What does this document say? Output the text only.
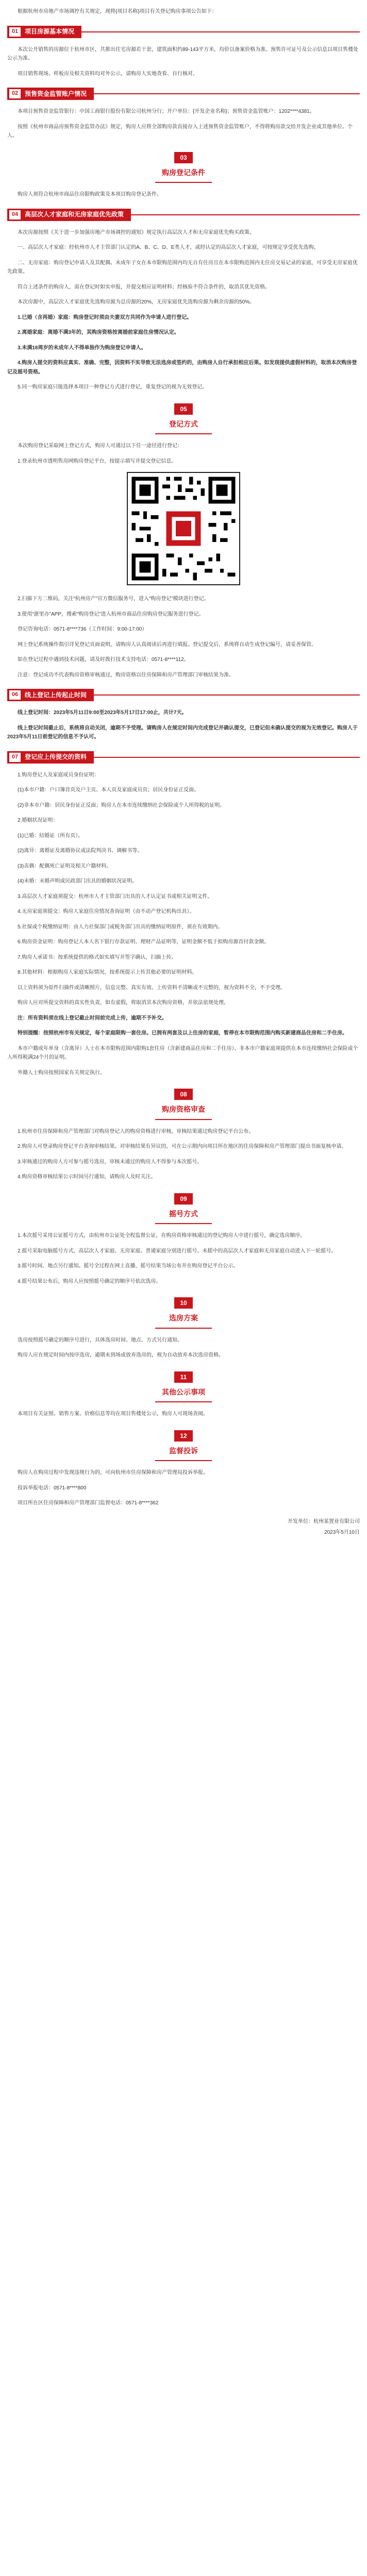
根据杭州市房地产市场调控有关规定，现将{项目名称}项目有关登记购房事项公告如下：

01	项目房源基本情况

本次公开销售的房源位于杭州市区，共推出住宅房源若干套，建筑面积约89-143平方米，均价以备案价格为准。预售许可证号及公示信息以项目售楼处公示为准。

项目销售现场、样板房及相关资料均对外公示，请购房人实地查看、自行核对。

02	预售资金监管账户情况

本项目预售资金监管银行：中国工商银行股份有限公司杭州分行；开户单位：{开发企业名称}；预售资金监管账户：1202****4381。

按照《杭州市商品房预售资金监管办法》规定，购房人应将全部购房款直接存入上述预售资金监管账户，不得将购房款交给开发企业或其他单位、个人。

03
购房登记条件

购房人须符合杭州市商品住房限购政策及本项目购房登记条件。

04	高层次人才家庭和无房家庭优先政策

本次房源按照《关于进一步加强房地产市场调控的通知》规定执行高层次人才和无房家庭优先购买政策。

一、高层次人才家庭：经杭州市人才主管部门认定的A、B、C、D、E类人才，或经认定的高层次人才家庭，可按规定享受优先选购。

二、无房家庭：购房登记申请人及其配偶、未成年子女在本市限购范围内均无自有住房且在本市限购范围内无住房交易记录的家庭，可享受无房家庭优先政策。

符合上述条件的购房人，需在登记时如实申报，并提交相应证明材料；经核验不符合条件的，取消其优先资格。

本次房源中，高层次人才家庭优先选购房源为总房源的20%，无房家庭优先选购房源为剩余房源的50%。

1.已婚（含再婚）家庭：购房登记时须由夫妻双方共同作为申请人进行登记。

2.离婚家庭：离婚不满3年的，其购房资格按离婚前家庭住房情况认定。

3.未满18周岁的未成年人不得单独作为购房登记申请人。

4.购房人提交的资料应真实、准确、完整，因资料不实导致无法选房或签约的，由购房人自行承担相应后果。如发现提供虚假材料的，取消本次购房登记及摇号资格。

5.同一购房家庭只能选择本项目一种登记方式进行登记，重复登记的视为无效登记。

05
登记方式

本次购房登记采取网上登记方式，购房人可通过以下任一途径进行登记：

1.登录杭州市透明售房网购房登记平台，按提示填写并提交登记信息。

2.扫描下方二维码，关注“杭州房产”官方微信服务号，进入“购房登记”模块进行登记。

3.使用“浙里办”APP，搜索“购房登记”进入杭州市商品住房购房登记服务进行登记。

登记咨询电话：0571-8****736（工作时间：9:00-17:00）

网上登记系统操作指引详见登记页面说明，请购房人认真阅读后再进行填报。登记提交后，系统将自动生成登记编号，请妥善保管。

如在登记过程中遇到技术问题，请及时拨打技术支持电话：0571-8****112。

注意：登记成功不代表购房资格审核通过，购房资格以住房保障和房产管理部门审核结果为准。

06	线上登记上传起止时间

线上登记时间：2023年5月11日9:00至2023年5月17日17:00止，共计7天。

线上登记时间截止后，系统将自动关闭，逾期不予受理。请购房人在规定时间内完成登记并确认提交，已登记但未确认提交的视为无效登记。购房人于2023年5月11日前登记的信息不予认可。

07	登记应上传提交的资料

1.购房登记人及家庭成员身份证明：

(1)本市户籍：户口簿首页及户主页、本人页及家庭成员页；居民身份证正反面。

(2)非本市户籍：居民身份证正反面；购房人在本市连续缴纳社会保险或个人所得税的证明。

2.婚姻状况证明：

(1)已婚：结婚证（所有页）。

(2)离异：离婚证及离婚协议或法院判决书、调解书等。

(3)丧偶：配偶死亡证明及相关户籍材料。

(4)未婚：未婚声明或民政部门出具的婚姻状况证明。

3.高层次人才家庭须提交：杭州市人才主管部门出具的人才认定证书或相关证明文件。

4.无房家庭须提交：购房人家庭住房情况查询证明（由不动产登记机构出具）。

5.社保或个税缴纳证明：由人力社保部门或税务部门出具的缴纳证明原件，须在有效期内。

6.购房资金证明：购房登记人本人名下银行存款证明、理财产品证明等，证明金额不低于拟购房源首付款金额。

7.购房人承诺书：按系统提供的格式如实填写并签字确认，扫描上传。

8.其他材料：根据购房人家庭实际情况，按系统提示上传其他必要的证明材料。

以上资料须为原件扫描件或清晰照片，信息完整、真实有效。上传资料不清晰或不完整的，视为资料不全，不予受理。

购房人应对所提交资料的真实性负责，如有虚假，将取消其本次购房资格，并依法依规处理。

注：所有资料须在线上登记截止时间前完成上传，逾期不予补交。

特别提醒：按照杭州市有关规定，每个家庭限购一套住房。已拥有两套及以上住房的家庭，暂停在本市限购范围内购买新建商品住房和二手住房。

本市户籍成年单身（含离异）人士在本市限购范围内限购1套住房（含新建商品住房和二手住房）。非本市户籍家庭须提供在本市连续缴纳社会保险或个人所得税满24个月的证明。

外籍人士购房按照国家有关规定执行。

08
购房资格审查

1.杭州市住房保障和房产管理部门对购房登记人的购房资格进行审核，审核结果通过购房登记平台公布。

2.购房人可登录购房登记平台查询审核结果。对审核结果有异议的，可在公示期内向项目所在地区的住房保障和房产管理部门提出书面复核申请。

3.审核通过的购房人方可参与摇号选房，审核未通过的购房人不得参与本次摇号。

4.购房资格审核结果公示时间另行通知，请购房人及时关注。

09
摇号方式

1.本次摇号采用公证摇号方式，由杭州市公证处全程监督公证，在购房资格审核通过的登记购房人中进行摇号，确定选房顺序。

2.摇号采取电脑摇号方式，高层次人才家庭、无房家庭、普通家庭分别进行摇号。未摇中的高层次人才家庭和无房家庭自动进入下一轮摇号。

3.摇号时间、地点另行通知。摇号全过程在网上直播，摇号结果当场公布并在购房登记平台公示。

4.摇号结果公布后，购房人应按照摇号确定的顺序号依次选房。

10
选房方案

选房按照摇号确定的顺序号进行，具体选房时间、地点、方式另行通知。

购房人应在规定时间内按序选房，逾期未到场或放弃选房的，视为自动放弃本次选房资格。

11
其他公示事项

本项目有关证照、销售方案、价格信息等均在项目售楼处公示，购房人可现场查阅。

12
监督投诉

购房人在购房过程中发现违规行为的，可向杭州市住房保障和房产管理局投诉举报。

投诉举报电话：0571-8****800

项目所在区住房保障和房产管理部门监督电话：0571-8****362

开发单位：杭州某置业有限公司
2023年5月10日
